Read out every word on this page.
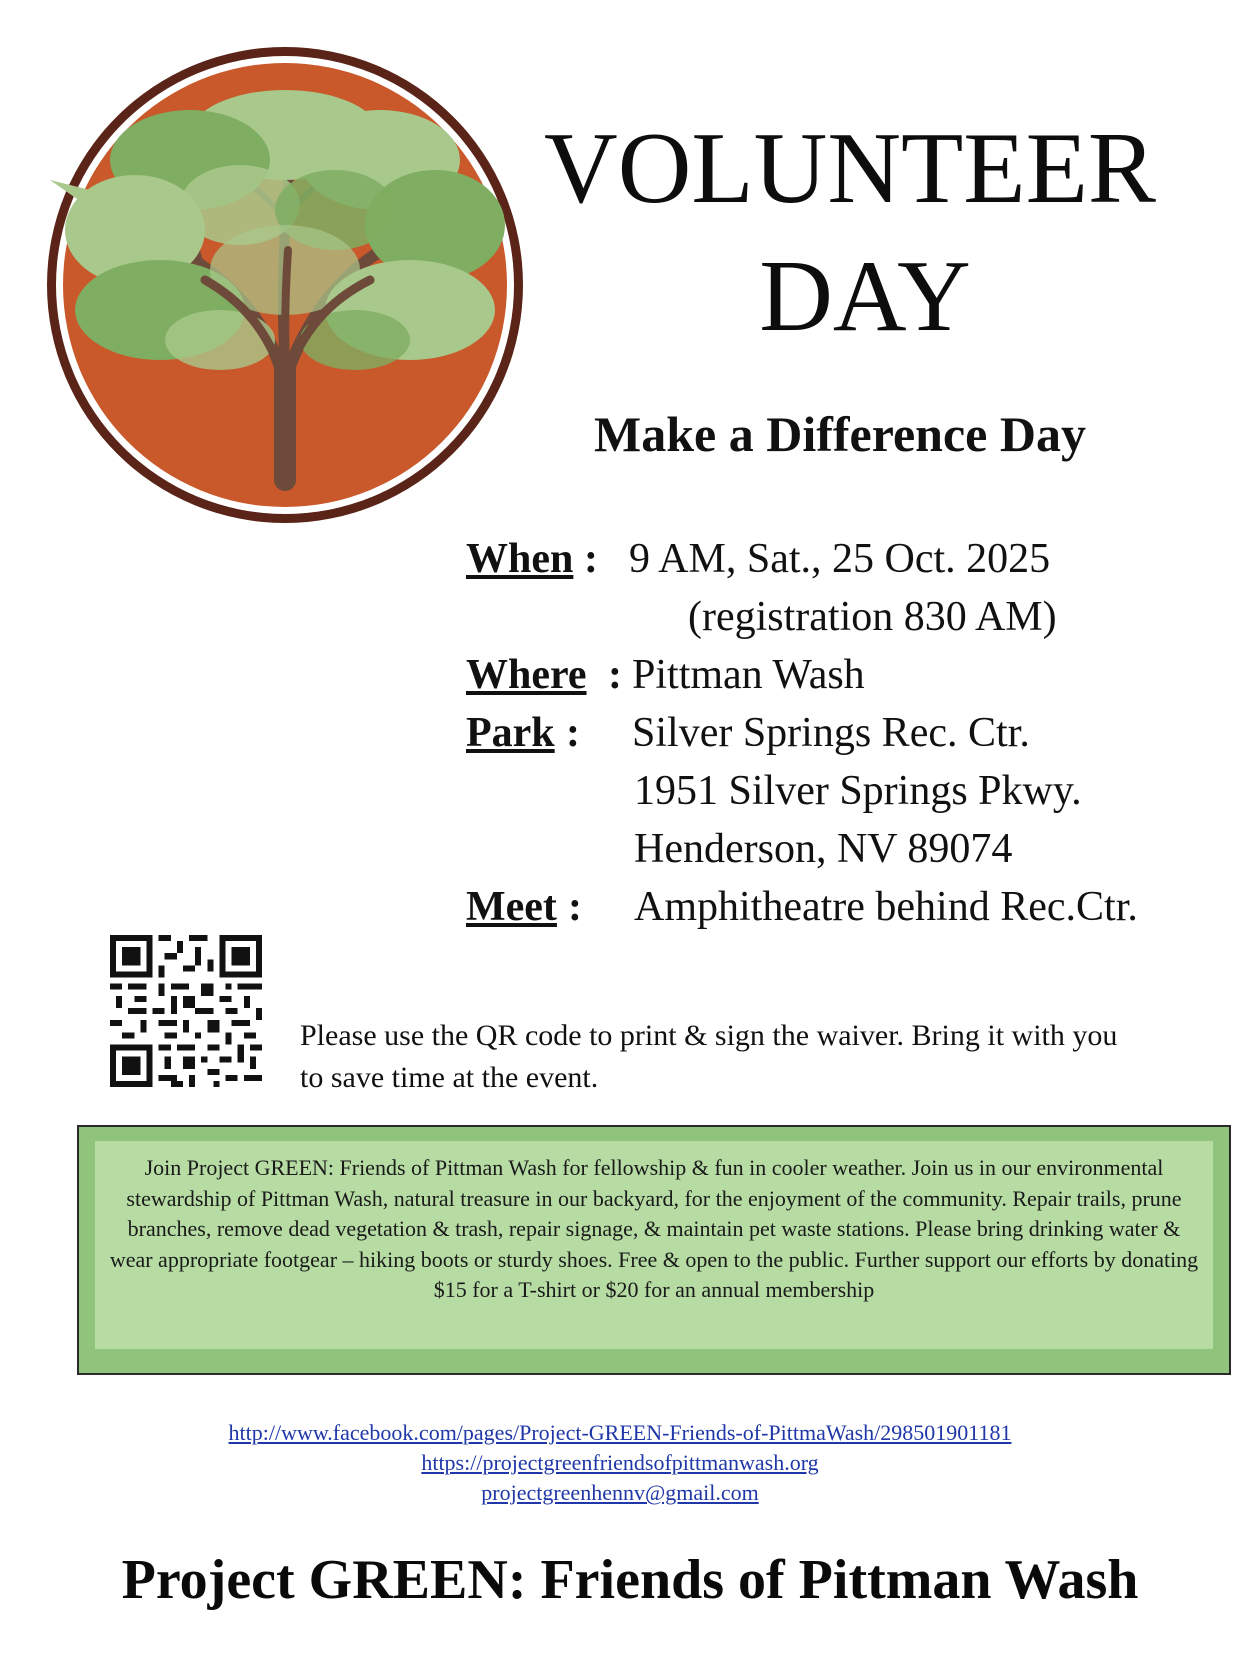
VOLUNTEER
DAY
Make a Difference Day
When : 9 AM, Sat., 25 Oct. 2025
(registration 830 AM)
Where : Pittman Wash
Park : Silver Springs Rec. Ctr.
1951 Silver Springs Pkwy.
Henderson, NV 89074
Meet : Amphitheatre behind Rec.Ctr.

Please use the QR code to print & sign the waiver. Bring it with you to save time at the event.

Join Project GREEN: Friends of Pittman Wash for fellowship & fun in cooler weather. Join us in our environmental stewardship of Pittman Wash, natural treasure in our backyard, for the enjoyment of the community. Repair trails, prune branches, remove dead vegetation & trash, repair signage, & maintain pet waste stations. Please bring drinking water & wear appropriate footgear – hiking boots or sturdy shoes. Free & open to the public. Further support our efforts by donating $15 for a T-shirt or $20 for an annual membership

http://www.facebook.com/pages/Project-GREEN-Friends-of-PittmaWash/298501901181
https://projectgreenfriendsofpittmanwash.org
projectgreenhennv@gmail.com

Project GREEN: Friends of Pittman Wash
